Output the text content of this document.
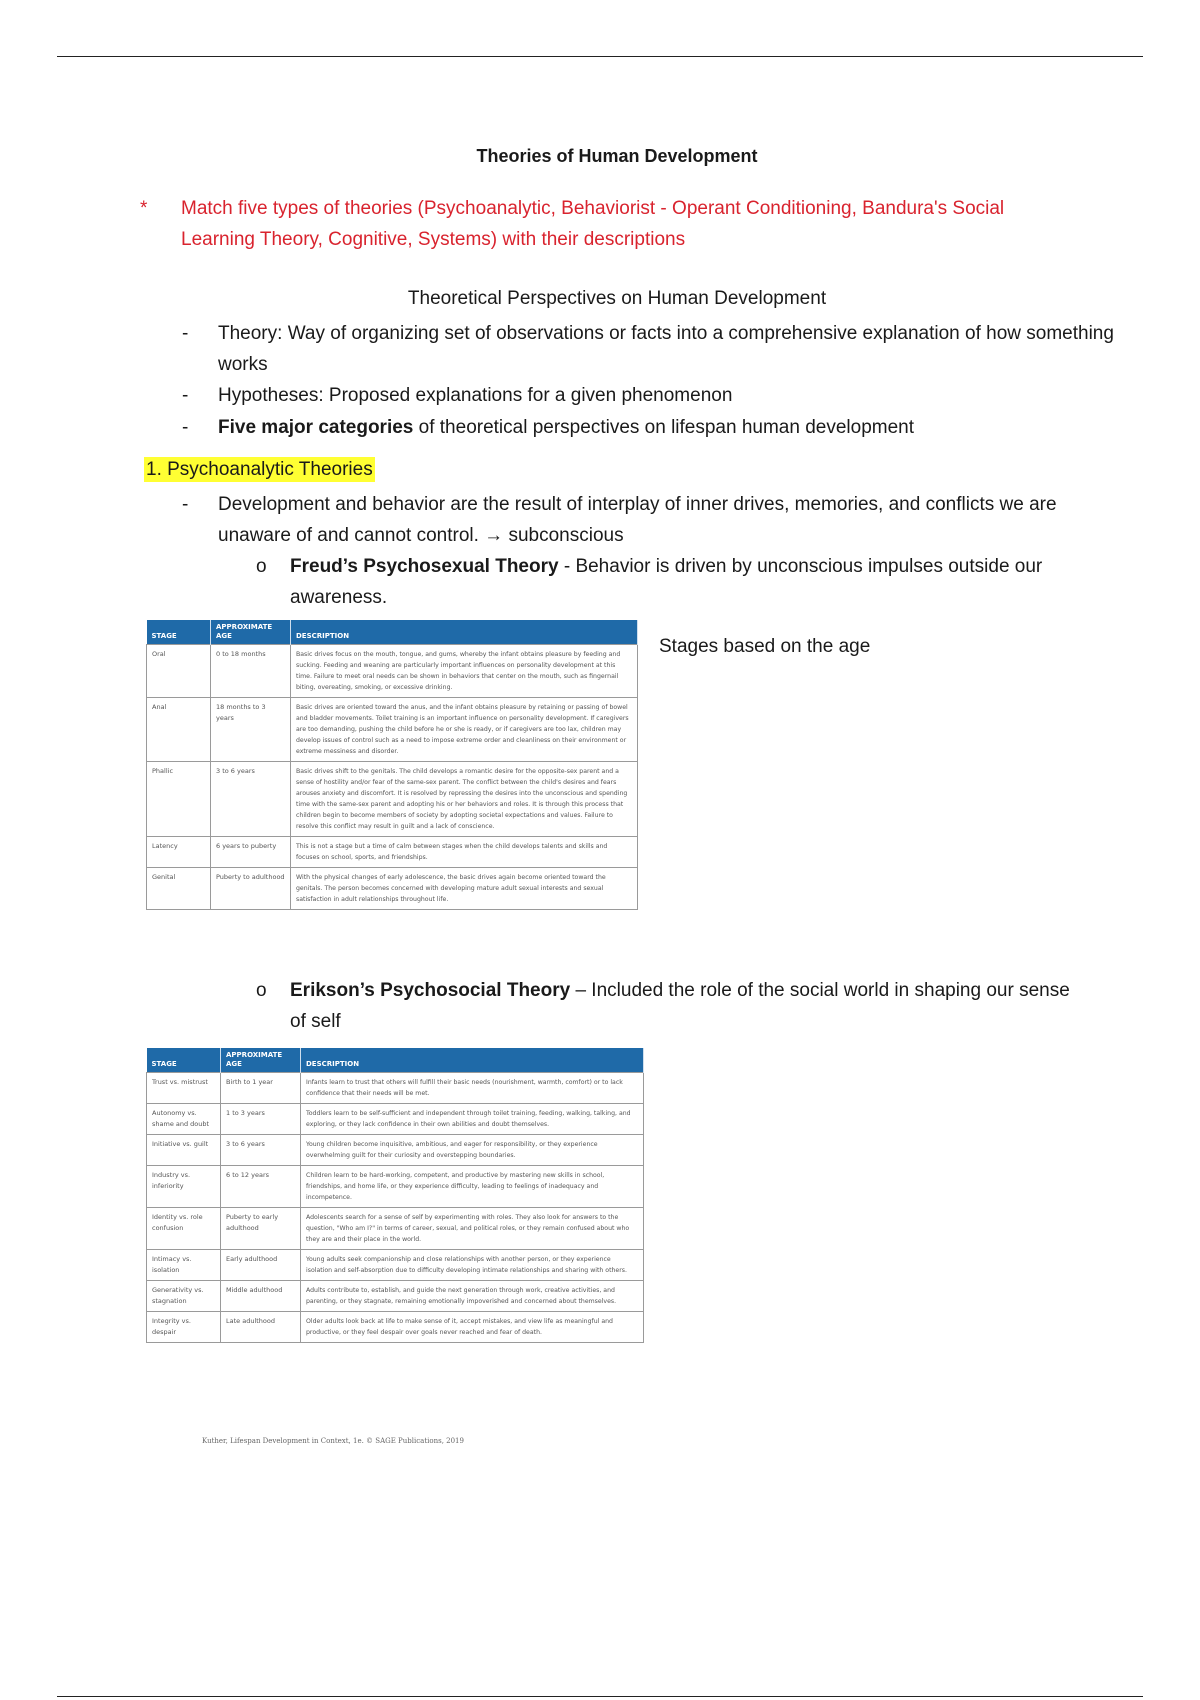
Theories of Human Development
* Match five types of theories (Psychoanalytic, Behaviorist - Operant Conditioning, Bandura's Social Learning Theory, Cognitive, Systems) with their descriptions
Theoretical Perspectives on Human Development
- Theory: Way of organizing set of observations or facts into a comprehensive explanation of how something works
- Hypotheses: Proposed explanations for a given phenomenon
- Five major categories of theoretical perspectives on lifespan human development
1. Psychoanalytic Theories
- Development and behavior are the result of interplay of inner drives, memories, and conflicts we are unaware of and cannot control. → subconscious
o Freud’s Psychosexual Theory - Behavior is driven by unconscious impulses outside our awareness.
STAGE	APPROXIMATE AGE	DESCRIPTION
Oral	0 to 18 months	Basic drives focus on the mouth, tongue, and gums, whereby the infant obtains pleasure by feeding and sucking. Feeding and weaning are particularly important influences on personality development at this time. Failure to meet oral needs can be shown in behaviors that center on the mouth, such as fingernail biting, overeating, smoking, or excessive drinking.
Anal	18 months to 3 years	Basic drives are oriented toward the anus, and the infant obtains pleasure by retaining or passing of bowel and bladder movements. Toilet training is an important influence on personality development. If caregivers are too demanding, pushing the child before he or she is ready, or if caregivers are too lax, children may develop issues of control such as a need to impose extreme order and cleanliness on their environment or extreme messiness and disorder.
Phallic	3 to 6 years	Basic drives shift to the genitals. The child develops a romantic desire for the opposite-sex parent and a sense of hostility and/or fear of the same-sex parent. The conflict between the child's desires and fears arouses anxiety and discomfort. It is resolved by repressing the desires into the unconscious and spending time with the same-sex parent and adopting his or her behaviors and roles. It is through this process that children begin to become members of society by adopting societal expectations and values. Failure to resolve this conflict may result in guilt and a lack of conscience.
Latency	6 years to puberty	This is not a stage but a time of calm between stages when the child develops talents and skills and focuses on school, sports, and friendships.
Genital	Puberty to adulthood	With the physical changes of early adolescence, the basic drives again become oriented toward the genitals. The person becomes concerned with developing mature adult sexual interests and sexual satisfaction in adult relationships throughout life.
Stages based on the age
o Erikson’s Psychosocial Theory – Included the role of the social world in shaping our sense of self
STAGE	APPROXIMATE AGE	DESCRIPTION
Trust vs. mistrust	Birth to 1 year	Infants learn to trust that others will fulfill their basic needs (nourishment, warmth, comfort) or to lack confidence that their needs will be met.
Autonomy vs. shame and doubt	1 to 3 years	Toddlers learn to be self-sufficient and independent through toilet training, feeding, walking, talking, and exploring, or they lack confidence in their own abilities and doubt themselves.
Initiative vs. guilt	3 to 6 years	Young children become inquisitive, ambitious, and eager for responsibility, or they experience overwhelming guilt for their curiosity and overstepping boundaries.
Industry vs. inferiority	6 to 12 years	Children learn to be hard-working, competent, and productive by mastering new skills in school, friendships, and home life, or they experience difficulty, leading to feelings of inadequacy and incompetence.
Identity vs. role confusion	Puberty to early adulthood	Adolescents search for a sense of self by experimenting with roles. They also look for answers to the question, "Who am I?" in terms of career, sexual, and political roles, or they remain confused about who they are and their place in the world.
Intimacy vs. isolation	Early adulthood	Young adults seek companionship and close relationships with another person, or they experience isolation and self-absorption due to difficulty developing intimate relationships and sharing with others.
Generativity vs. stagnation	Middle adulthood	Adults contribute to, establish, and guide the next generation through work, creative activities, and parenting, or they stagnate, remaining emotionally impoverished and concerned about themselves.
Integrity vs. despair	Late adulthood	Older adults look back at life to make sense of it, accept mistakes, and view life as meaningful and productive, or they feel despair over goals never reached and fear of death.
Kuther, Lifespan Development in Context, 1e. © SAGE Publications, 2019
